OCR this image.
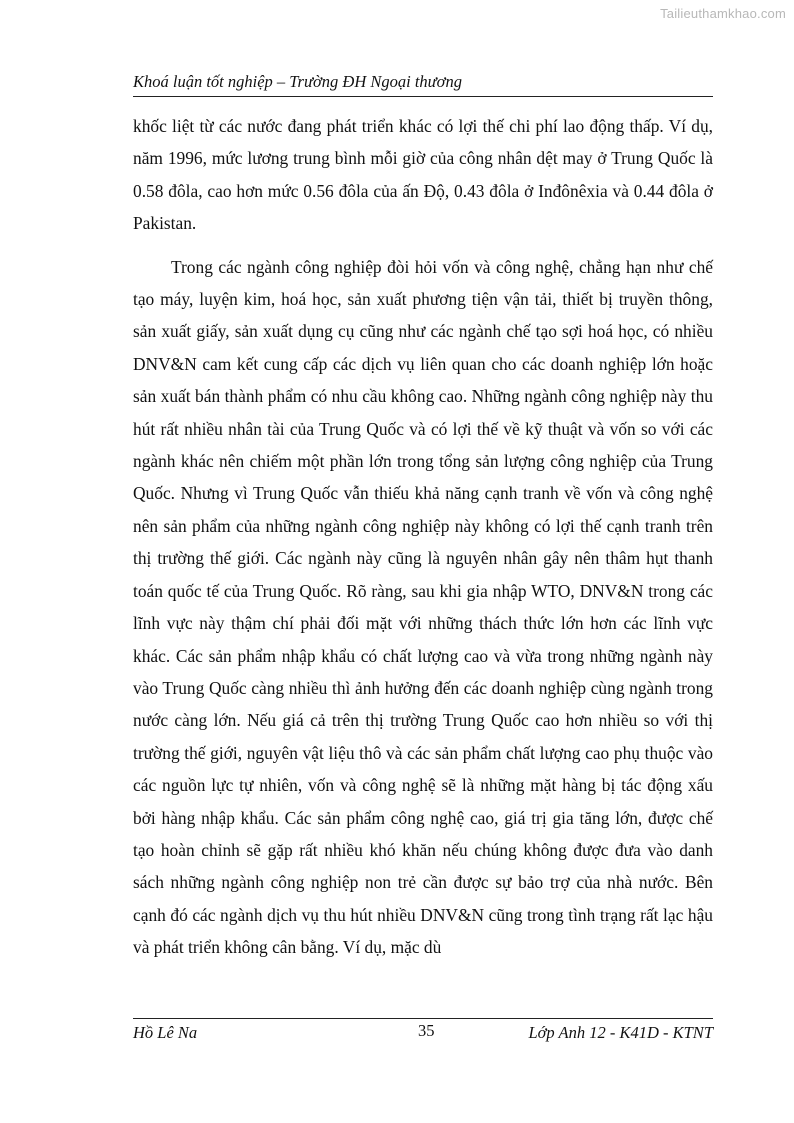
Tailieuthamkhao.com
Khoá luận tốt nghiệp – Trường ĐH Ngoại thương

khốc liệt từ các nước đang phát triển khác có lợi thế chi phí lao động thấp. Ví dụ, năm 1996, mức lương trung bình mỗi giờ của công nhân dệt may ở Trung Quốc là 0.58 đôla, cao hơn mức 0.56 đôla của ấn Độ, 0.43 đôla ở Inđônêxia và 0.44 đôla ở Pakistan.

Trong các ngành công nghiệp đòi hỏi vốn và công nghệ, chẳng hạn như chế tạo máy, luyện kim, hoá học, sản xuất phương tiện vận tải, thiết bị truyền thông, sản xuất giấy, sản xuất dụng cụ cũng như các ngành chế tạo sợi hoá học, có nhiều DNV&N cam kết cung cấp các dịch vụ liên quan cho các doanh nghiệp lớn hoặc sản xuất bán thành phẩm có nhu cầu không cao. Những ngành công nghiệp này thu hút rất nhiều nhân tài của Trung Quốc và có lợi thế về kỹ thuật và vốn so với các ngành khác nên chiếm một phần lớn trong tổng sản lượng công nghiệp của Trung Quốc. Nhưng vì Trung Quốc vẫn thiếu khả năng cạnh tranh về vốn và công nghệ nên sản phẩm của những ngành công nghiệp này không có lợi thế cạnh tranh trên thị trường thế giới. Các ngành này cũng là nguyên nhân gây nên thâm hụt thanh toán quốc tế của Trung Quốc. Rõ ràng, sau khi gia nhập WTO, DNV&N trong các lĩnh vực này thậm chí phải đối mặt với những thách thức lớn hơn các lĩnh vực khác. Các sản phẩm nhập khẩu có chất lượng cao và vừa trong những ngành này vào Trung Quốc càng nhiều thì ảnh hưởng đến các doanh nghiệp cùng ngành trong nước càng lớn. Nếu giá cả trên thị trường Trung Quốc cao hơn nhiều so với thị trường thế giới, nguyên vật liệu thô và các sản phẩm chất lượng cao phụ thuộc vào các nguồn lực tự nhiên, vốn và công nghệ sẽ là những mặt hàng bị tác động xấu bởi hàng nhập khẩu. Các sản phẩm công nghệ cao, giá trị gia tăng lớn, được chế tạo hoàn chỉnh sẽ gặp rất nhiều khó khăn nếu chúng không được đưa vào danh sách những ngành công nghiệp non trẻ cần được sự bảo trợ của nhà nước. Bên cạnh đó các ngành dịch vụ thu hút nhiều DNV&N cũng trong tình trạng rất lạc hậu và phát triển không cân bằng. Ví dụ, mặc dù

Hồ Lê Na	35	Lớp Anh 12 - K41D - KTNT
